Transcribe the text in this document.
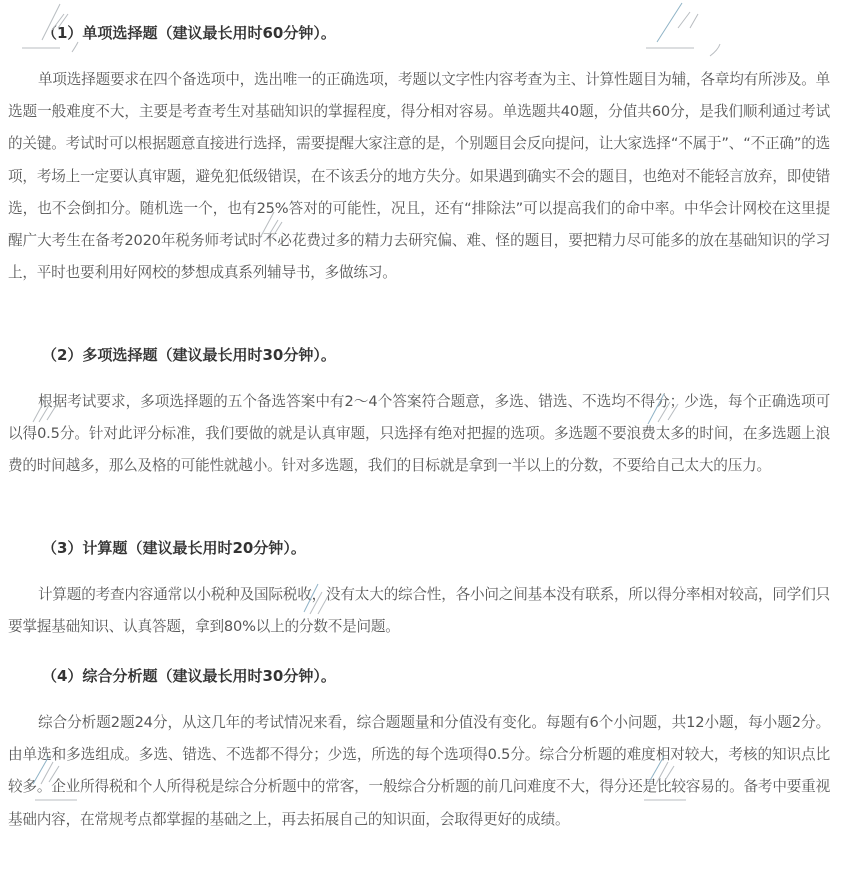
（1）单项选择题（建议最长用时60分钟）。

单项选择题要求在四个备选项中，选出唯一的正确选项，考题以文字性内容考查为主、计算性题目为辅，各章均有所涉及。单选题一般难度不大，主要是考查考生对基础知识的掌握程度，得分相对容易。单选题共40题，分值共60分，是我们顺利通过考试的关键。考试时可以根据题意直接进行选择，需要提醒大家注意的是，个别题目会反向提问，让大家选择“不属于”、“不正确”的选项，考场上一定要认真审题，避免犯低级错误，在不该丢分的地方失分。如果遇到确实不会的题目，也绝对不能轻言放弃，即使错选，也不会倒扣分。随机选一个，也有25%答对的可能性，况且，还有“排除法”可以提高我们的命中率。中华会计网校在这里提醒广大考生在备考2020年税务师考试时不必花费过多的精力去研究偏、难、怪的题目，要把精力尽可能多的放在基础知识的学习上，平时也要利用好网校的梦想成真系列辅导书，多做练习。

（2）多项选择题（建议最长用时30分钟）。

根据考试要求，多项选择题的五个备选答案中有2～4个答案符合题意，多选、错选、不选均不得分；少选，每个正确选项可以得0.5分。针对此评分标准，我们要做的就是认真审题，只选择有绝对把握的选项。多选题不要浪费太多的时间，在多选题上浪费的时间越多，那么及格的可能性就越小。针对多选题，我们的目标就是拿到一半以上的分数，不要给自己太大的压力。

（3）计算题（建议最长用时20分钟）。

计算题的考查内容通常以小税种及国际税收，没有太大的综合性，各小问之间基本没有联系，所以得分率相对较高，同学们只要掌握基础知识、认真答题，拿到80%以上的分数不是问题。

（4）综合分析题（建议最长用时30分钟）。

综合分析题2题24分，从这几年的考试情况来看，综合题题量和分值没有变化。每题有6个小问题，共12小题，每小题2分。由单选和多选组成。多选、错选、不选都不得分；少选，所选的每个选项得0.5分。综合分析题的难度相对较大，考核的知识点比较多。企业所得税和个人所得税是综合分析题中的常客，一般综合分析题的前几问难度不大，得分还是比较容易的。备考中要重视基础内容，在常规考点都掌握的基础之上，再去拓展自己的知识面，会取得更好的成绩。
